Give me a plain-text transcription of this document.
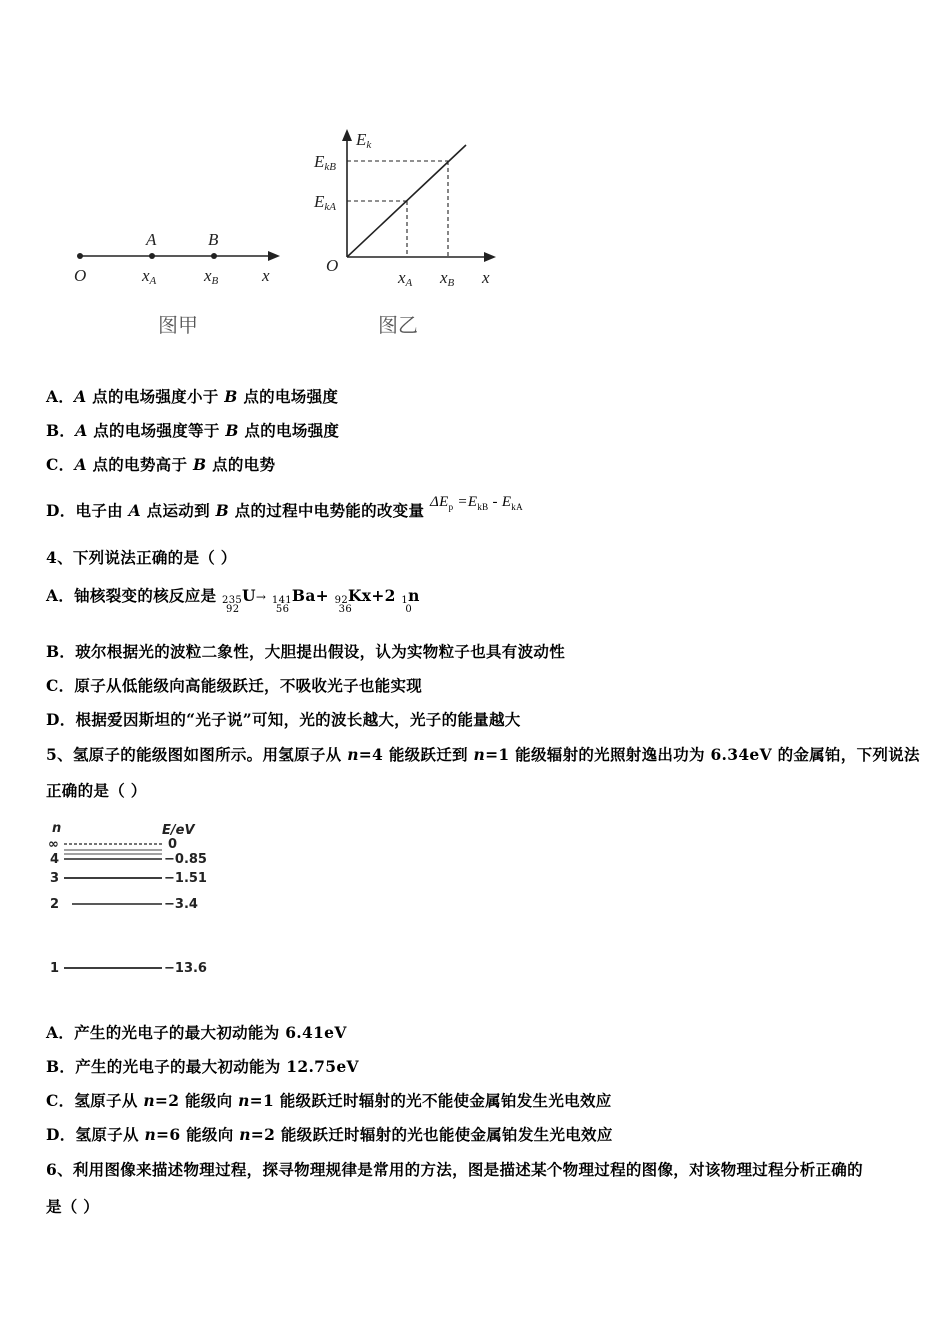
A	B
O	xA	xB	x
图甲
Ek
EkB
EkA
O
xA xB x
图乙
A．A 点的电场强度小于 B 点的电场强度
B．A 点的电场强度等于 B 点的电场强度
C．A 点的电势高于 B 点的电势
D．电子由 A 点运动到 B 点的过程中电势能的改变量 $\Delta E_p =E_{kB} - E_{kA}$
4、下列说法正确的是（ ）
A．铀核裂变的核反应是 235U
92
→ 141Ba+
56
92Kx+2
36
1n
0
B．玻尔根据光的波粒二象性，大胆提出假设，认为实物粒子也具有波动性
C．原子从低能级向高能级跃迁，不吸收光子也能实现
D．根据爱因斯坦的“光子说”可知，光的波长越大，光子的能量越大
5、氢原子的能级图如图所示。用氢原子从 n=4 能级跃迁到 n=1 能级辐射的光照射逸出功为 6.34eV 的金属铂，下列说法
正确的是（ ）
n	E/eV
∞	0
4	−0.85
3	−1.51
2	−3.4
1	−13.6
A．产生的光电子的最大初动能为 6.41eV
B．产生的光电子的最大初动能为 12.75eV
C．氢原子从 n=2 能级向 n=1 能级跃迁时辐射的光不能使金属铂发生光电效应
D．氢原子从 n=6 能级向 n=2 能级跃迁时辐射的光也能使金属铂发生光电效应
6、利用图像来描述物理过程，探寻物理规律是常用的方法，图是描述某个物理过程的图像，对该物理过程分析正确的
是（ ）
